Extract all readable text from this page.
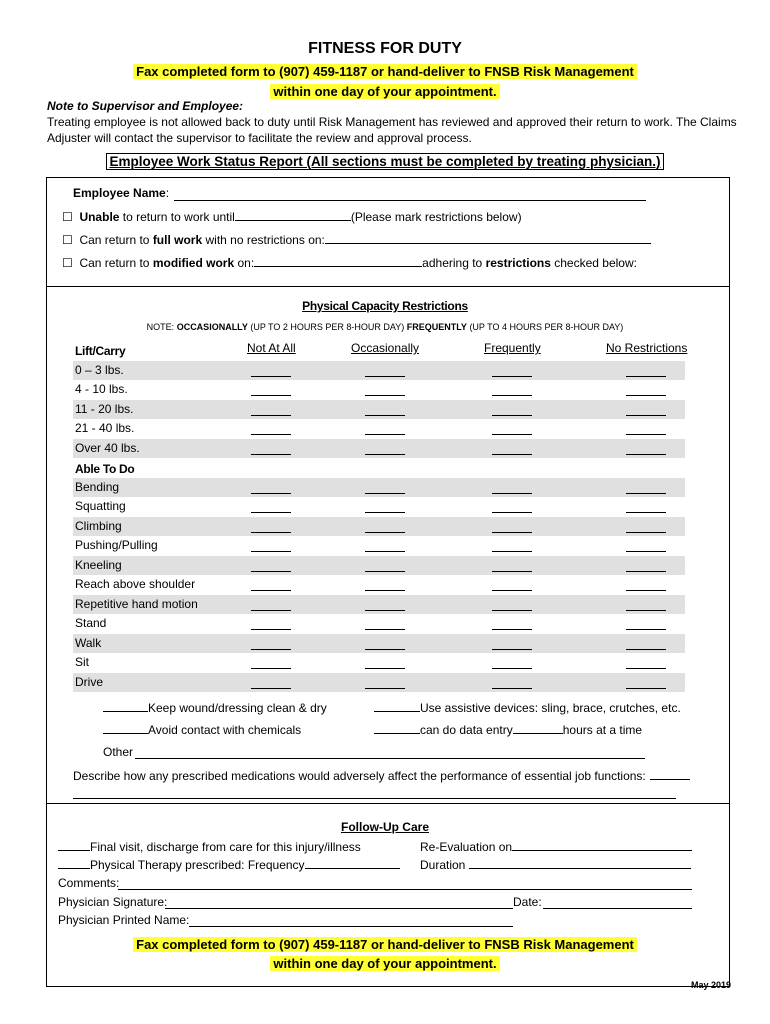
FITNESS FOR DUTY
Fax completed form to (907) 459-1187 or hand-deliver to FNSB Risk Management
within one day of your appointment.
Note to Supervisor and Employee:
Treating employee is not allowed back to duty until Risk Management has reviewed and approved their return to work. The Claims Adjuster will contact the supervisor to facilitate the review and approval process.
Employee Work Status Report (All sections must be completed by treating physician.)
Employee Name:
☐ Unable to return to work until	(Please mark restrictions below)
☐ Can return to full work with no restrictions on:
☐ Can return to modified work on:	adhering to restrictions checked below:
Physical Capacity Restrictions
NOTE: OCCASIONALLY (UP TO 2 HOURS PER 8-HOUR DAY) FREQUENTLY (UP TO 4 HOURS PER 8-HOUR DAY)
Lift/Carry	Not At All	Occasionally	Frequently	No Restrictions
0 – 3 lbs.
4 - 10 lbs.
11 - 20 lbs.
21 - 40 lbs.
Over 40 lbs.
Able To Do
Bending
Squatting
Climbing
Pushing/Pulling
Kneeling
Reach above shoulder
Repetitive hand motion
Stand
Walk
Sit
Drive
Keep wound/dressing clean & dry	Use assistive devices: sling, brace, crutches, etc.
Avoid contact with chemicals	can do data entry	hours at a time
Other
Describe how any prescribed medications would adversely affect the performance of essential job functions:
Follow-Up Care
Final visit, discharge from care for this injury/illness	Re-Evaluation on
Physical Therapy prescribed: Frequency	Duration
Comments:
Physician Signature:	Date:
Physician Printed Name:
Fax completed form to (907) 459-1187 or hand-deliver to FNSB Risk Management
within one day of your appointment.
May 2019
